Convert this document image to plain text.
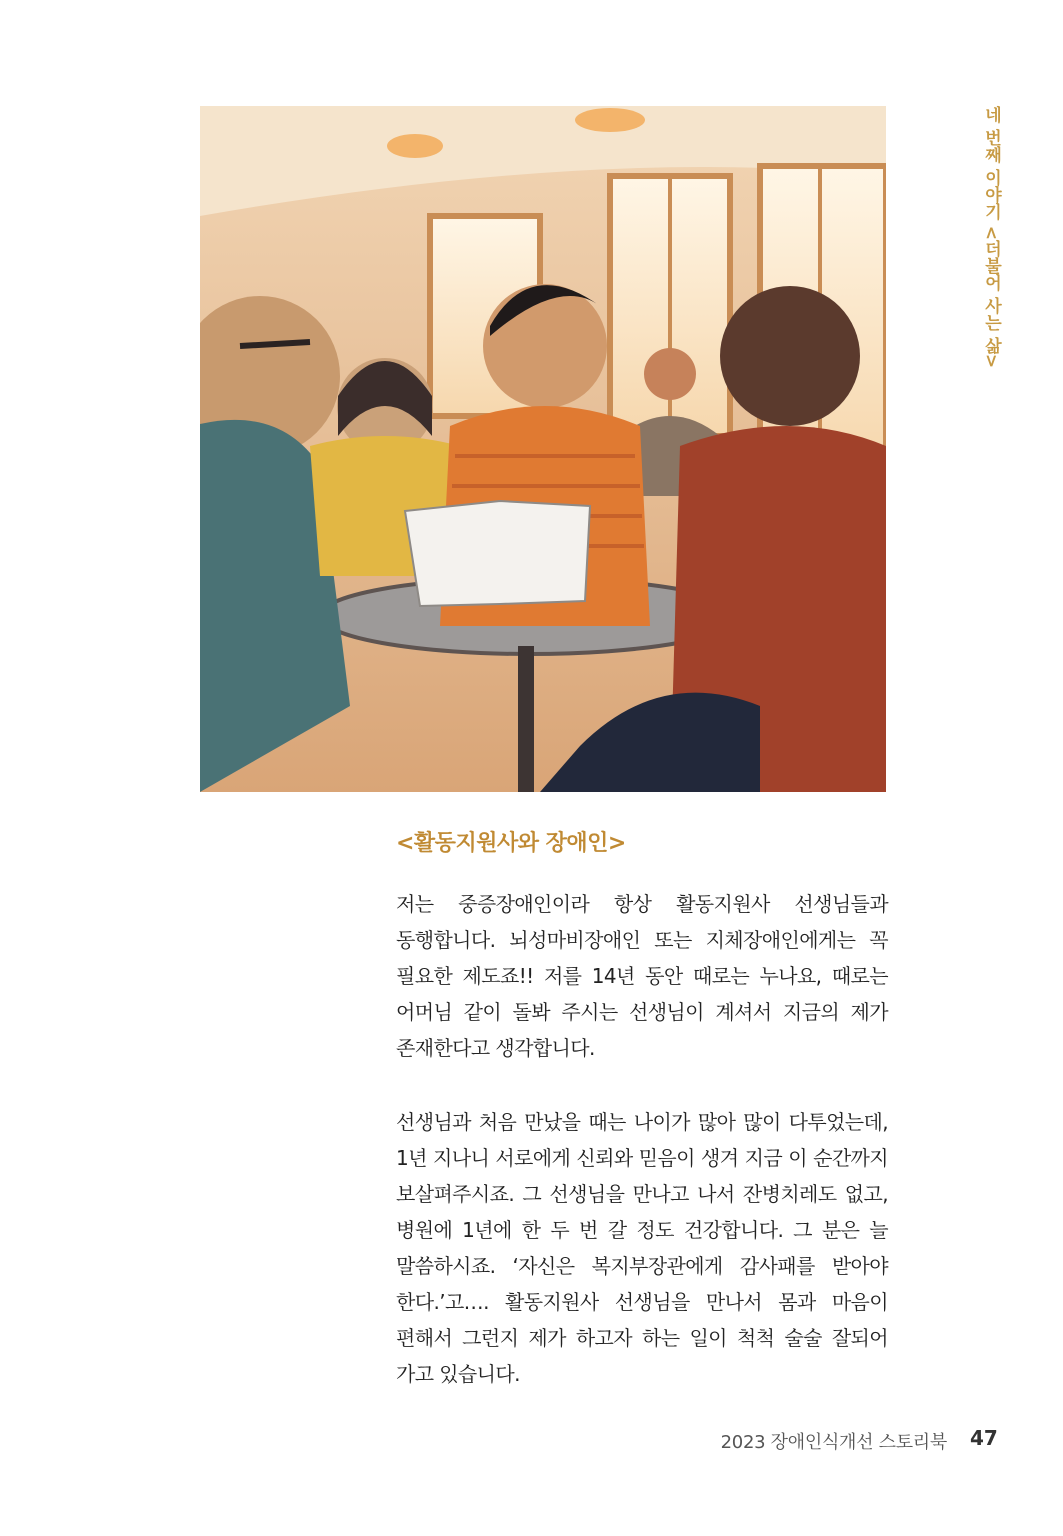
네 번째 이야기 <더불어 사는 삶>
<활동지원사와 장애인>

저는 중증장애인이라 항상 활동지원사 선생님들과 동행합니다. 뇌성마비장애인 또는 지체장애인에게는 꼭 필요한 제도죠!! 저를 14년 동안 때로는 누나요, 때로는 어머님 같이 돌봐 주시는 선생님이 계셔서 지금의 제가 존재한다고 생각합니다.

선생님과 처음 만났을 때는 나이가 많아 많이 다투었는데, 1년 지나니 서로에게 신뢰와 믿음이 생겨 지금 이 순간까지 보살펴주시죠. 그 선생님을 만나고 나서 잔병치레도 없고, 병원에 1년에 한 두 번 갈 정도 건강합니다. 그 분은 늘 말씀하시죠. ‘자신은 복지부장관에게 감사패를 받아야 한다.’고…. 활동지원사 선생님을 만나서 몸과 마음이 편해서 그런지 제가 하고자 하는 일이 척척 술술 잘되어 가고 있습니다.

2023 장애인식개선 스토리북 47
